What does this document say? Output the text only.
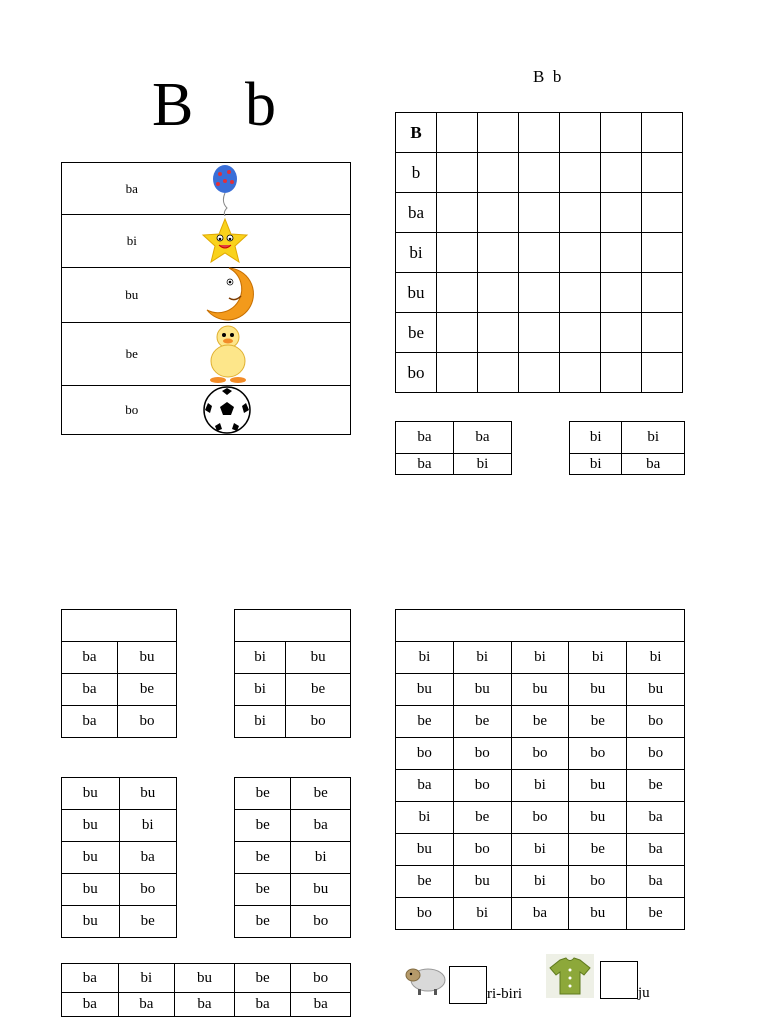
B b	B  b
ba	

bi	

bu	

be	

bo	
B						
b						
ba						
bi						
bu						
be						
bo						
ba	ba
ba	bi
bi	bi
bi	ba

ba	bu
ba	be
ba	bo

bi	bu
bi	be
bi	bo
bu	bu
bu	bi
bu	ba
bu	bo
bu	be
be	be
be	ba
be	bi
be	bu
be	bo

bi	bi	bi	bi	bi
bu	bu	bu	bu	bu
be	be	be	be	bo
bo	bo	bo	bo	bo
ba	bo	bi	bu	be
bi	be	bo	bu	ba
bu	bo	bi	be	ba
be	bu	bi	bo	ba
bo	bi	ba	bu	be
ba	bi	bu	be	bo
ba	ba	ba	ba	ba
ri-biri	ju
